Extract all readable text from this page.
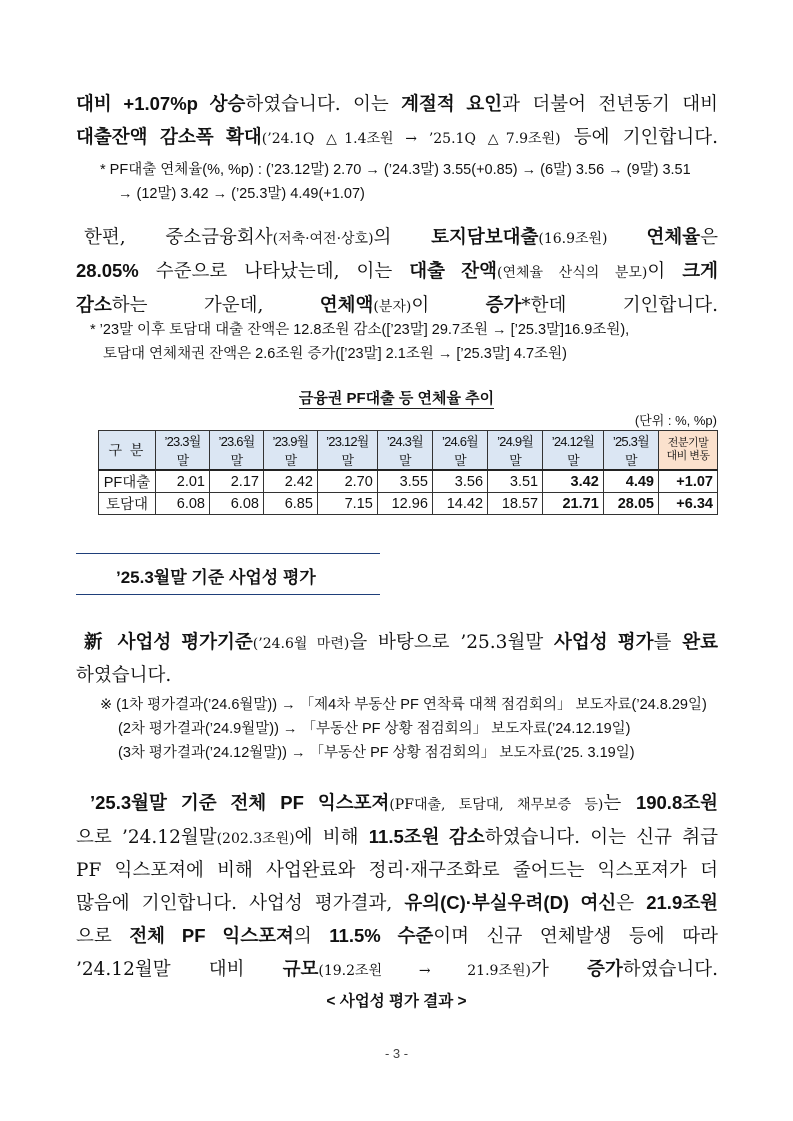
대비 +1.07%p 상승하였습니다. 이는 계절적 요인과 더불어 전년동기 대비
대출잔액 감소폭 확대(’24.1Q △1.4조원 → ’25.1Q △7.9조원) 등에 기인합니다.
* PF대출 연체율(%, %p) : (’23.12말) 2.70 → (’24.3말) 3.55(+0.85) → (6말) 3.56 → (9말) 3.51
→ (12말) 3.42 → (’25.3말) 4.49(+1.07)
한편, 중소금융회사(저축·여전·상호)의 토지담보대출(16.9조원) 연체율은
28.05% 수준으로 나타났는데, 이는 대출 잔액(연체율 산식의 분모)이 크게
감소하는 가운데, 연체액(분자)이 증가*한데 기인합니다.
* ’23말 이후 토담대 대출 잔액은 12.8조원 감소([’23말] 29.7조원 → [’25.3말]16.9조원),
토담대 연체채권 잔액은 2.6조원 증가([’23말] 2.1조원 → [’25.3말] 4.7조원)
금융권 PF대출 등 연체율 추이
(단위 : %, %p)
구 분	’23.3월말	’23.6월말	’23.9월말	’23.12월말	’24.3월말	’24.6월말	’24.9월말	’24.12월말	’25.3월말	전분기말
대비 변동

PF대출	2.01	2.17	2.42	2.70	3.55	3.56	3.51	3.42	4.49	+1.07
토담대	6.08	6.08	6.85	7.15	12.96	14.42	18.57	21.71	28.05	+6.34
’25.3월말 기준 사업성 평가
新 사업성 평가기준(’24.6월 마련)을 바탕으로 ’25.3월말 사업성 평가를 완료
하였습니다.
※ (1차 평가결과(’24.6월말)) → 「제4차 부동산 PF 연착륙 대책 점검회의」 보도자료(’24.8.29일)
(2차 평가결과(’24.9월말)) → 「부동산 PF 상황 점검회의」 보도자료(’24.12.19일)
(3차 평가결과(’24.12월말)) → 「부동산 PF 상황 점검회의」 보도자료(’25. 3.19일)
’25.3월말 기준 전체 PF 익스포져(PF대출, 토담대, 채무보증 등)는 190.8조원
으로 ’24.12월말(202.3조원)에 비해 11.5조원 감소하였습니다. 이는 신규 취급
PF 익스포져에 비해 사업완료와 정리·재구조화로 줄어드는 익스포져가 더
많음에 기인합니다. 사업성 평가결과, 유의(C)·부실우려(D) 여신은 21.9조원
으로 전체 PF 익스포져의 11.5% 수준이며 신규 연체발생 등에 따라
’24.12월말 대비 규모(19.2조원 → 21.9조원)가 증가하였습니다.
< 사업성 평가 결과 >
- 3 -
